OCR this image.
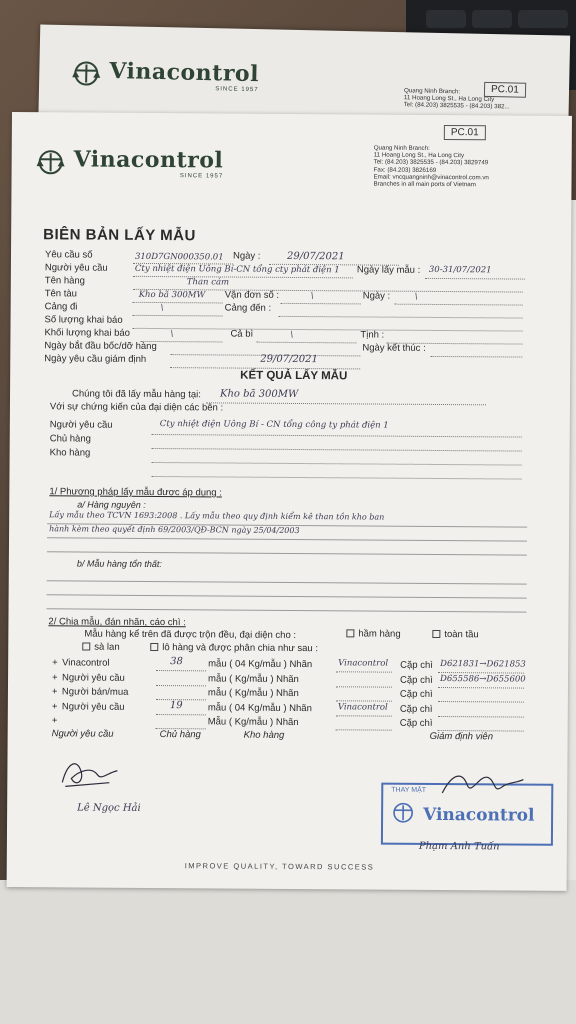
Vinacontrol
SINCE 1957	PC.01
Quang Ninh Branch:
11 Hoang Long St., Ha Long City
Tel: (84.203) 3825535 - (84.203) 382...
Vinacontrol
SINCE 1957
PC.01
Quang Ninh Branch:
11 Hoang Long St., Ha Long City
Tel: (84.203) 3825535 - (84.203) 3829749
Fax: (84.203) 3826169
Email: vncquangninh@vinacontrol.com.vn
Branches in all main ports of Vietnam
BIÊN BẢN LẤY MẪU
Yêu cầu số	310D7GN000350.01 Ngày :	29/07/2021
Người yêu cầu	Cty nhiệt điện Uông Bí-CN tổng cty phát điện 1 Ngày lấy mẫu : 30-31/07/2021
Tên hàng	Than cám
Tên tàu	Kho bã 300MW Vận đơn số :	\	Ngày :	\
Cảng đi	\	Cảng đến :
Số lượng khai báo
Khối lượng khai báo	\	Cả bì	\	Tịnh :
Ngày bắt đầu bốc/dỡ hàng	Ngày kết thúc :
Ngày yêu cầu giám định	29/07/2021
KẾT QUẢ LẤY MẪU
Chúng tôi đã lấy mẫu hàng tại: Kho bã 300MW
Với sự chứng kiến của đại diện các bên :
Người yêu cầu	Cty nhiệt điện Uông Bí - CN tổng công ty phát điện 1
Chủ hàng
Kho hàng
1/ Phương pháp lấy mẫu được áp dụng :
a/ Hàng nguyên :
Lấy mẫu theo TCVN 1693:2008 . Lấy mẫu theo quy định kiểm kê than tồn kho ban
hành kèm theo quyết định 69/2003/QĐ-BCN ngày 25/04/2003
b/ Mẫu hàng tổn thất:
2/ Chia mẫu, đán nhãn, cáo chì :
Mẫu hàng kể trên đã được trộn đều, đại diện cho :	hầm hàng	toàn tầu
sà lan	lô hàng và được phân chia như sau :
+ Vinacontrol	38	mẫu ( 04 Kg/mẫu ) Nhãn	Vinacontrol Cặp chì D621831→D621853
+ Người yêu cầu	mẫu ( Kg/mẫu ) Nhãn	Cặp chì D655586→D655600
+ Người bán/mua	mẫu ( Kg/mẫu ) Nhãn	Cặp chì
+ Người yêu cầu	19	mẫu ( 04 Kg/mẫu ) Nhãn	Vinacontrol Cặp chì
+	Mẫu ( Kg/mẫu ) Nhãn	Cặp chì
Người yêu cầu	Chủ hàng	Kho hàng	Giám định viên
Lê Ngọc Hải
THAY MẶT
Vinacontrol
Phạm Anh Tuấn
IMPROVE QUALITY, TOWARD SUCCESS
